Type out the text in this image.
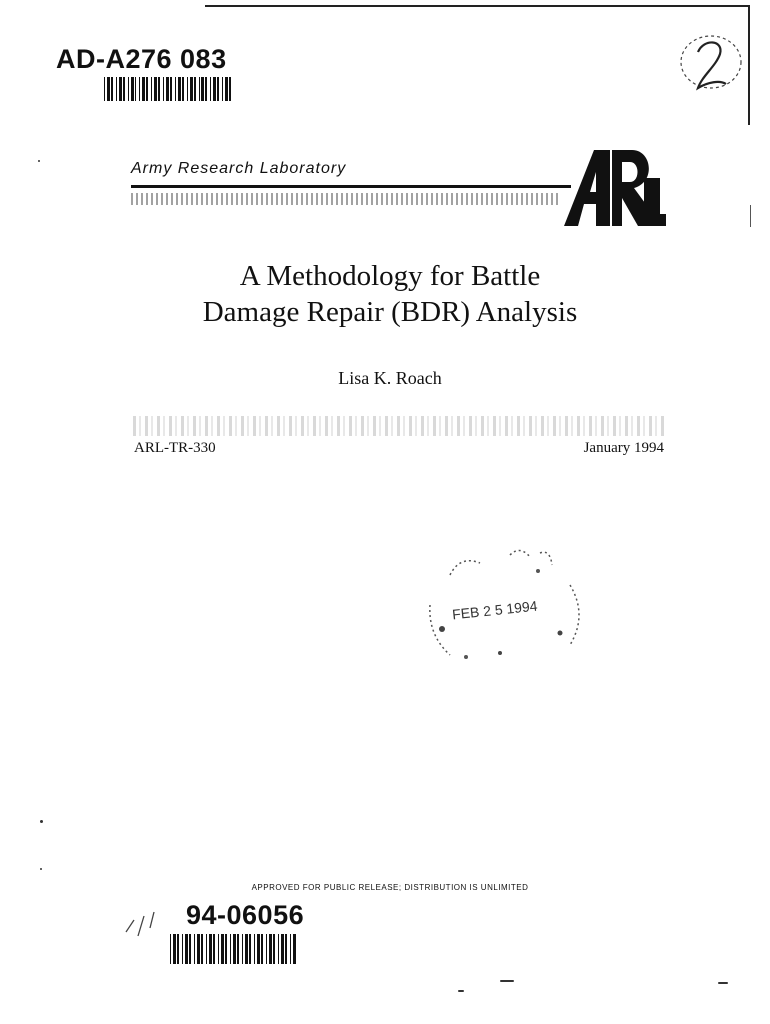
AD-A276 083
Army Research Laboratory
A Methodology for Battle
Damage Repair (BDR) Analysis
Lisa K. Roach
ARL-TR-330	January 1994
FEB 2 5 1994
APPROVED FOR PUBLIC RELEASE; DISTRIBUTION IS UNLIMITED
94-06056
